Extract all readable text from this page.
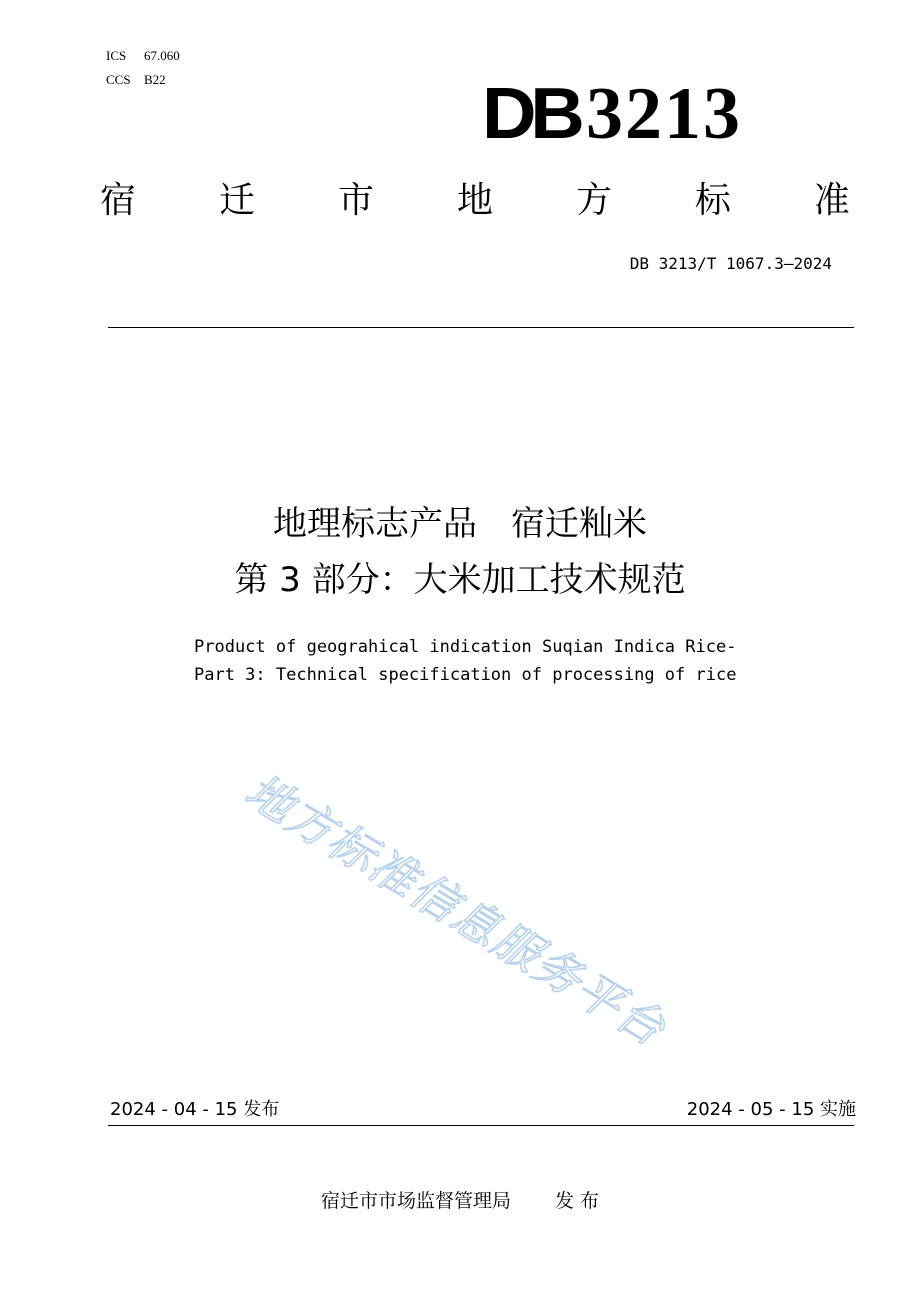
ICS	67.060
CCS B22	DB 3213
宿 迁 市 地 方 标 准
DB 3213/T 1067.3—2024
地理标志产品　宿迁籼米
第 3 部分：大米加工技术规范
Product of geograhical indication Suqian Indica Rice-
Part 3: Technical specification of processing of rice
地方标准信息服务平台
2024 - 04 - 15 发布	2024 - 05 - 15 实施
宿迁市市场监督管理局 发 布
